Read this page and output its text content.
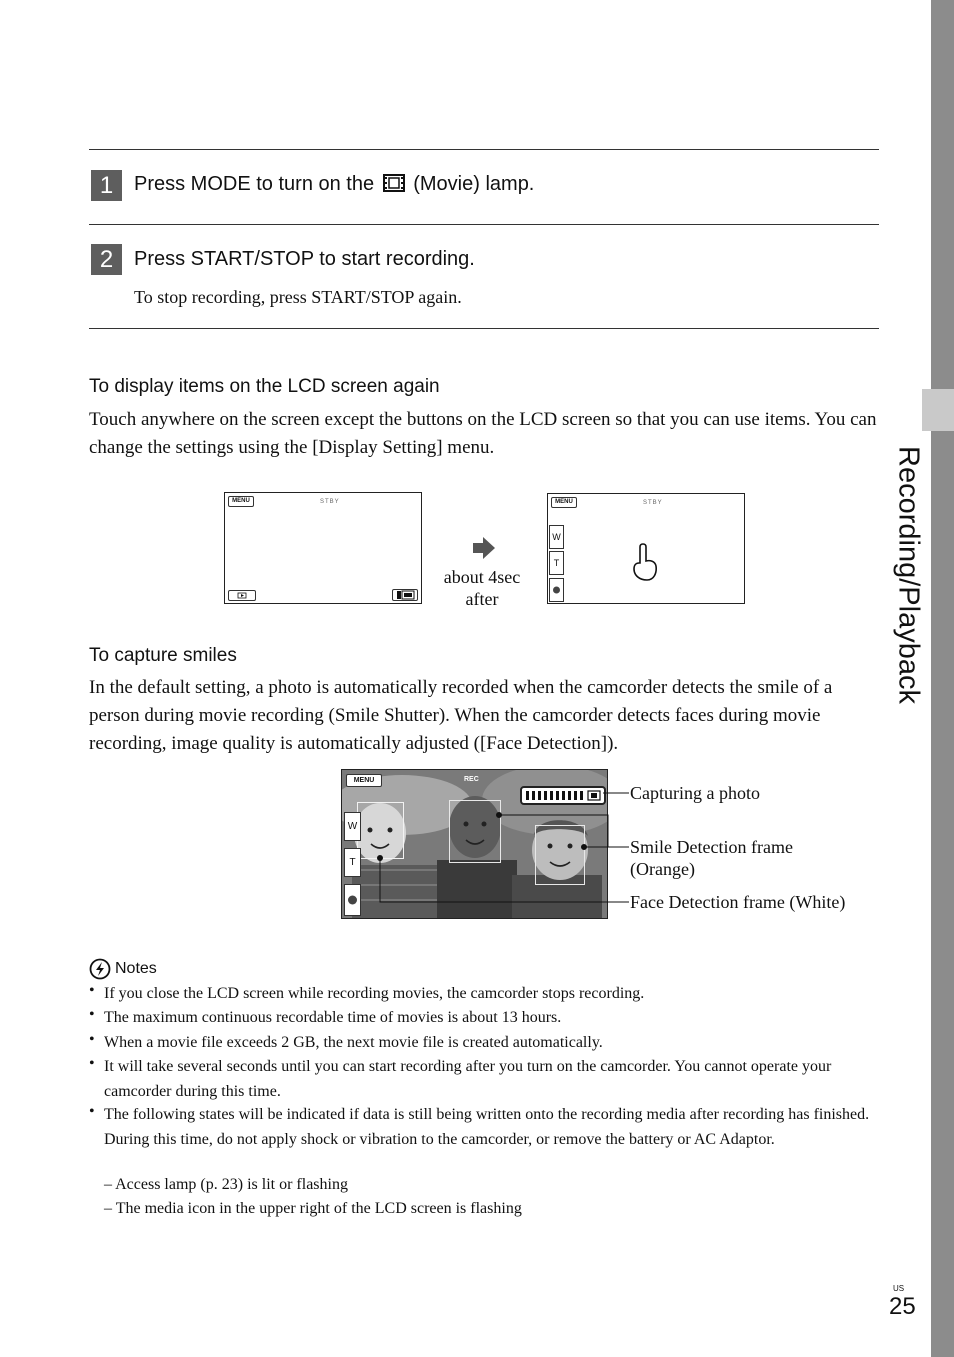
Recording/Playback
1	Press MODE to turn on the (Movie) lamp.
2	Press START/STOP to start recording.
To stop recording, press START/STOP again.
To display items on the LCD screen again
Touch anywhere on the screen except the buttons on the LCD screen so that you can use items. You can change the settings using the [Display Setting] menu.
MENU	STBY
about 4sec
after
MENU	STBY
W
T
To capture smiles
In the default setting, a photo is automatically recorded when the camcorder detects the smile of a person during movie recording (Smile Shutter). When the camcorder detects faces during movie recording, image quality is automatically adjusted ([Face Detection]).
MENU	REC
W
T
Capturing a photo
Smile Detection frame
(Orange)
Face Detection frame (White)
Notes
• If you close the LCD screen while recording movies, the camcorder stops recording.
• The maximum continuous recordable time of movies is about 13 hours.
• When a movie file exceeds 2 GB, the next movie file is created automatically.
• It will take several seconds until you can start recording after you turn on the camcorder. You cannot operate your camcorder during this time.
• The following states will be indicated if data is still being written onto the recording media after recording has finished. During this time, do not apply shock or vibration to the camcorder, or remove the battery or AC Adaptor.
– Access lamp (p. 23) is lit or flashing
– The media icon in the upper right of the LCD screen is flashing
US
25
